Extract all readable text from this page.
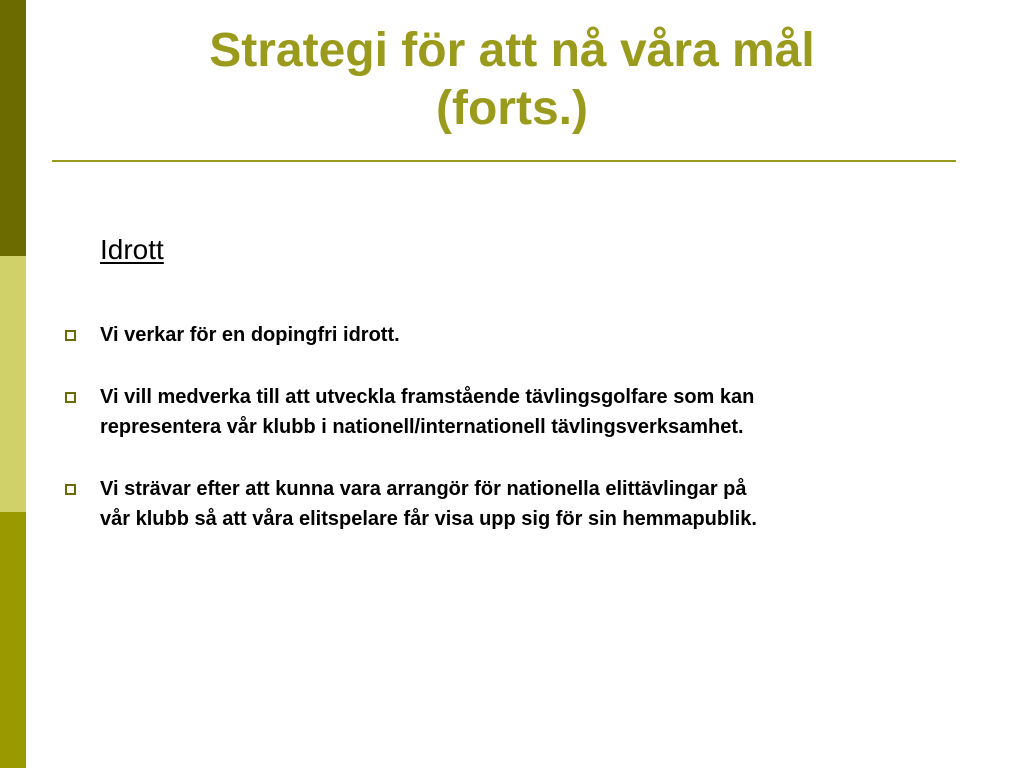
Strategi för att nå våra mål
(forts.)
Idrott
Vi verkar för en dopingfri idrott.
Vi vill medverka till att utveckla framstående tävlingsgolfare som kan
representera vår klubb i nationell/internationell tävlingsverksamhet.
Vi strävar efter att kunna vara arrangör för nationella elittävlingar på
vår klubb så att våra elitspelare får visa upp sig för sin hemmapublik.
